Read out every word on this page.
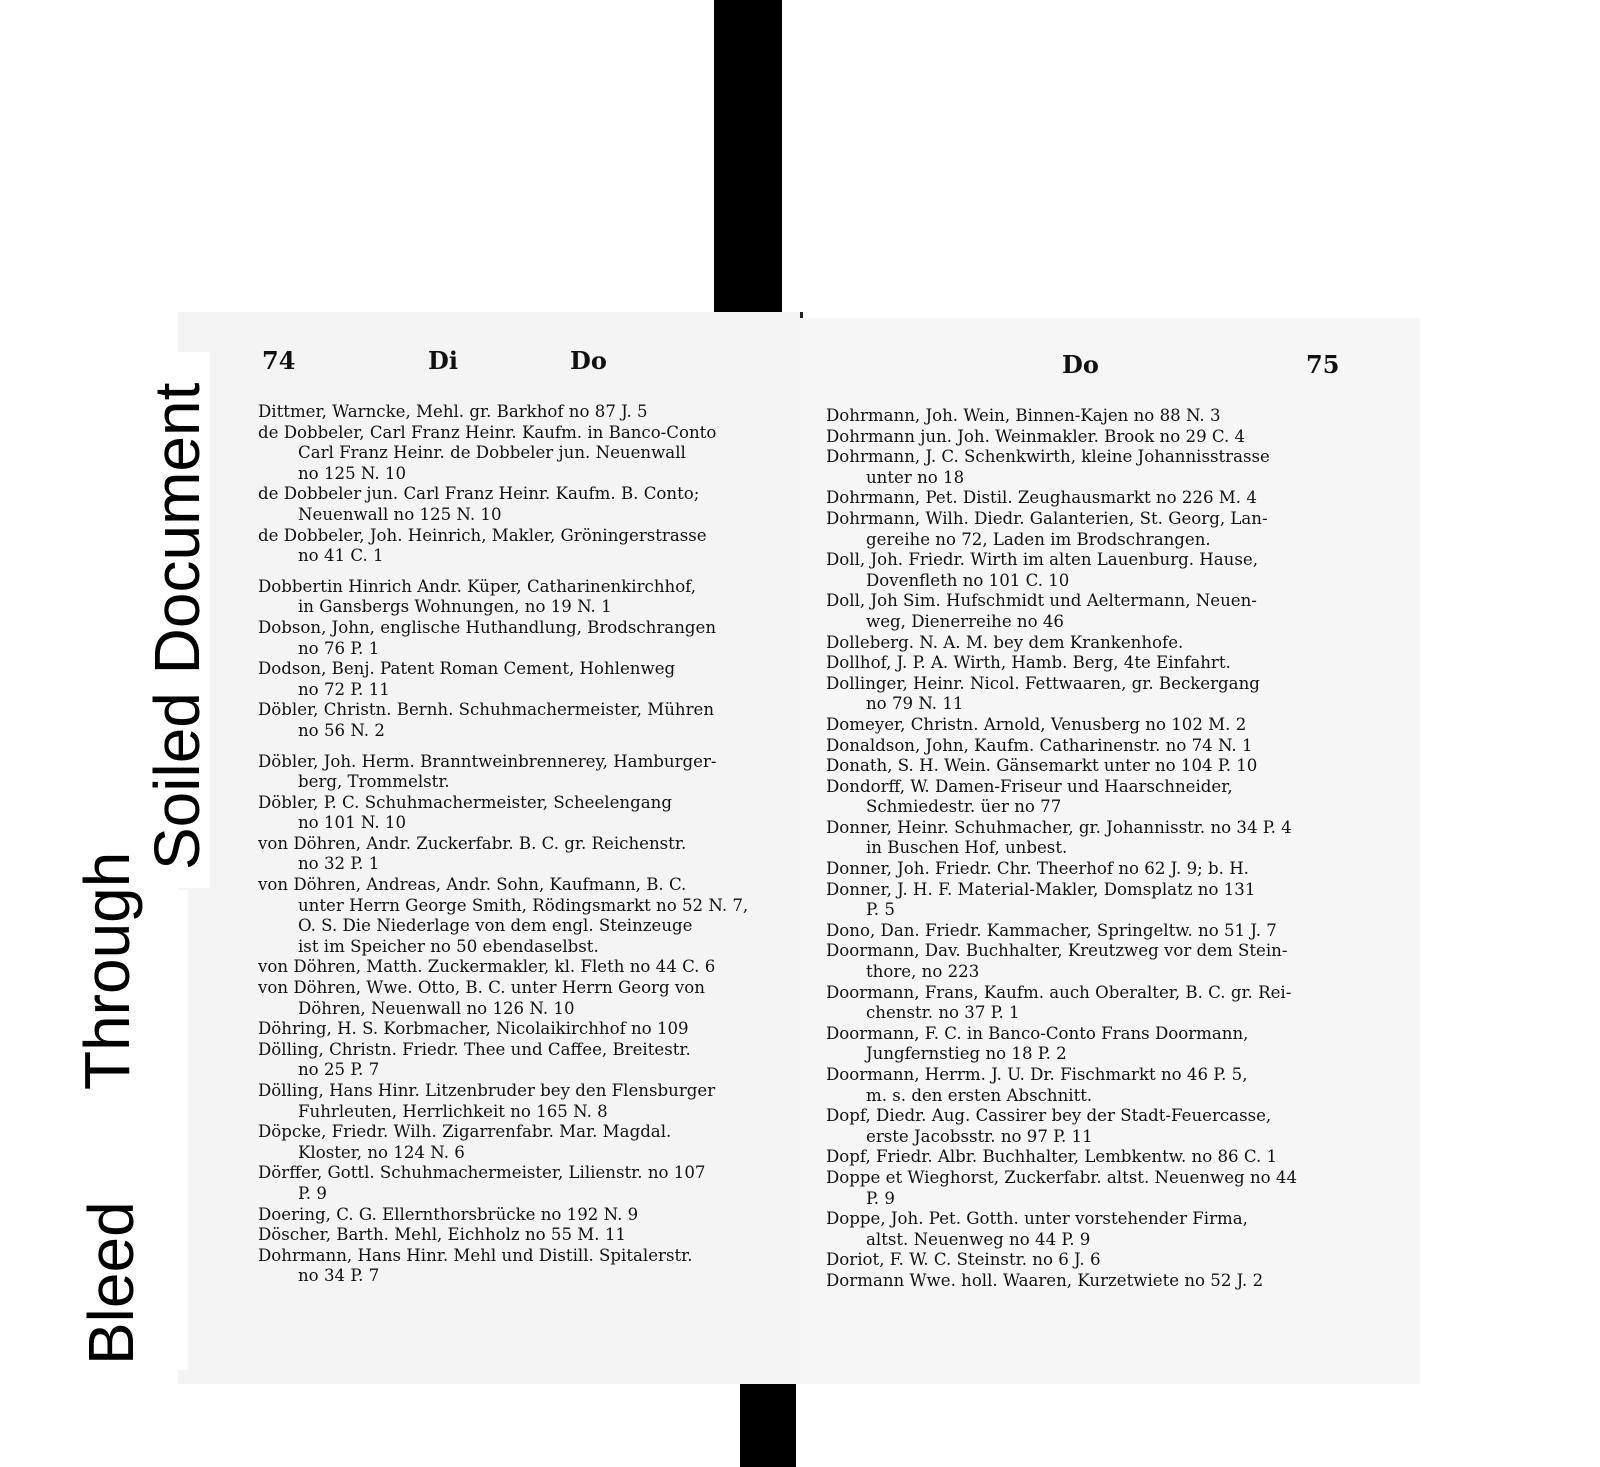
Soiled Document
Bleed
Through
74	Di	Do	Do	75
Dittmer, Warncke, Mehl. gr. Barkhof no 87 J. 5
de Dobbeler, Carl Franz Heinr. Kaufm. in Banco-Conto
Carl Franz Heinr. de Dobbeler jun. Neuenwall
no 125 N. 10
de Dobbeler jun. Carl Franz Heinr. Kaufm. B. Conto;
Neuenwall no 125 N. 10
de Dobbeler, Joh. Heinrich, Makler, Gröningerstrasse
no 41 C. 1
Dobbertin Hinrich Andr. Küper, Catharinenkirchhof,
in Gansbergs Wohnungen, no 19 N. 1
Dobson, John, englische Huthandlung, Brodschrangen
no 76 P. 1
Dodson, Benj. Patent Roman Cement, Hohlenweg
no 72 P. 11
Döbler, Christn. Bernh. Schuhmachermeister, Mühren
no 56 N. 2
Döbler, Joh. Herm. Branntweinbrennerey, Hamburger-
berg, Trommelstr.
Döbler, P. C. Schuhmachermeister, Scheelengang
no 101 N. 10
von Döhren, Andr. Zuckerfabr. B. C. gr. Reichenstr.
no 32 P. 1
von Döhren, Andreas, Andr. Sohn, Kaufmann, B. C.
unter Herrn George Smith, Rödingsmarkt no 52 N. 7,
O. S. Die Niederlage von dem engl. Steinzeuge
ist im Speicher no 50 ebendaselbst.
von Döhren, Matth. Zuckermakler, kl. Fleth no 44 C. 6
von Döhren, Wwe. Otto, B. C. unter Herrn Georg von
Döhren, Neuenwall no 126 N. 10
Döhring, H. S. Korbmacher, Nicolaikirchhof no 109
Dölling, Christn. Friedr. Thee und Caffee, Breitestr.
no 25 P. 7
Dölling, Hans Hinr. Litzenbruder bey den Flensburger
Fuhrleuten, Herrlichkeit no 165 N. 8
Döpcke, Friedr. Wilh. Zigarrenfabr. Mar. Magdal.
Kloster, no 124 N. 6
Dörffer, Gottl. Schuhmachermeister, Lilienstr. no 107
P. 9
Doering, C. G. Ellernthorsbrücke no 192 N. 9
Döscher, Barth. Mehl, Eichholz no 55 M. 11
Dohrmann, Hans Hinr. Mehl und Distill. Spitalerstr.
no 34 P. 7
Dohrmann, Joh. Wein, Binnen-Kajen no 88 N. 3
Dohrmann jun. Joh. Weinmakler. Brook no 29 C. 4
Dohrmann, J. C. Schenkwirth, kleine Johannisstrasse
unter no 18
Dohrmann, Pet. Distil. Zeughausmarkt no 226 M. 4
Dohrmann, Wilh. Diedr. Galanterien, St. Georg, Lan-
gereihe no 72, Laden im Brodschrangen.
Doll, Joh. Friedr. Wirth im alten Lauenburg. Hause,
Dovenfleth no 101 C. 10
Doll, Joh Sim. Hufschmidt und Aeltermann, Neuen-
weg, Dienerreihe no 46
Dolleberg. N. A. M. bey dem Krankenhofe.
Dollhof, J. P. A. Wirth, Hamb. Berg, 4te Einfahrt.
Dollinger, Heinr. Nicol. Fettwaaren, gr. Beckergang
no 79 N. 11
Domeyer, Christn. Arnold, Venusberg no 102 M. 2
Donaldson, John, Kaufm. Catharinenstr. no 74 N. 1
Donath, S. H. Wein. Gänsemarkt unter no 104 P. 10
Dondorff, W. Damen-Friseur und Haarschneider,
Schmiedestr. üer no 77
Donner, Heinr. Schuhmacher, gr. Johannisstr. no 34 P. 4
in Buschen Hof, unbest.
Donner, Joh. Friedr. Chr. Theerhof no 62 J. 9; b. H.
Donner, J. H. F. Material-Makler, Domsplatz no 131
P. 5
Dono, Dan. Friedr. Kammacher, Springeltw. no 51 J. 7
Doormann, Dav. Buchhalter, Kreutzweg vor dem Stein-
thore, no 223
Doormann, Frans, Kaufm. auch Oberalter, B. C. gr. Rei-
chenstr. no 37 P. 1
Doormann, F. C. in Banco-Conto Frans Doormann,
Jungfernstieg no 18 P. 2
Doormann, Herrm. J. U. Dr. Fischmarkt no 46 P. 5,
m. s. den ersten Abschnitt.
Dopf, Diedr. Aug. Cassirer bey der Stadt-Feuercasse,
erste Jacobsstr. no 97 P. 11
Dopf, Friedr. Albr. Buchhalter, Lembkentw. no 86 C. 1
Doppe et Wieghorst, Zuckerfabr. altst. Neuenweg no 44
P. 9
Doppe, Joh. Pet. Gotth. unter vorstehender Firma,
altst. Neuenweg no 44 P. 9
Doriot, F. W. C. Steinstr. no 6 J. 6
Dormann Wwe. holl. Waaren, Kurzetwiete no 52 J. 2
